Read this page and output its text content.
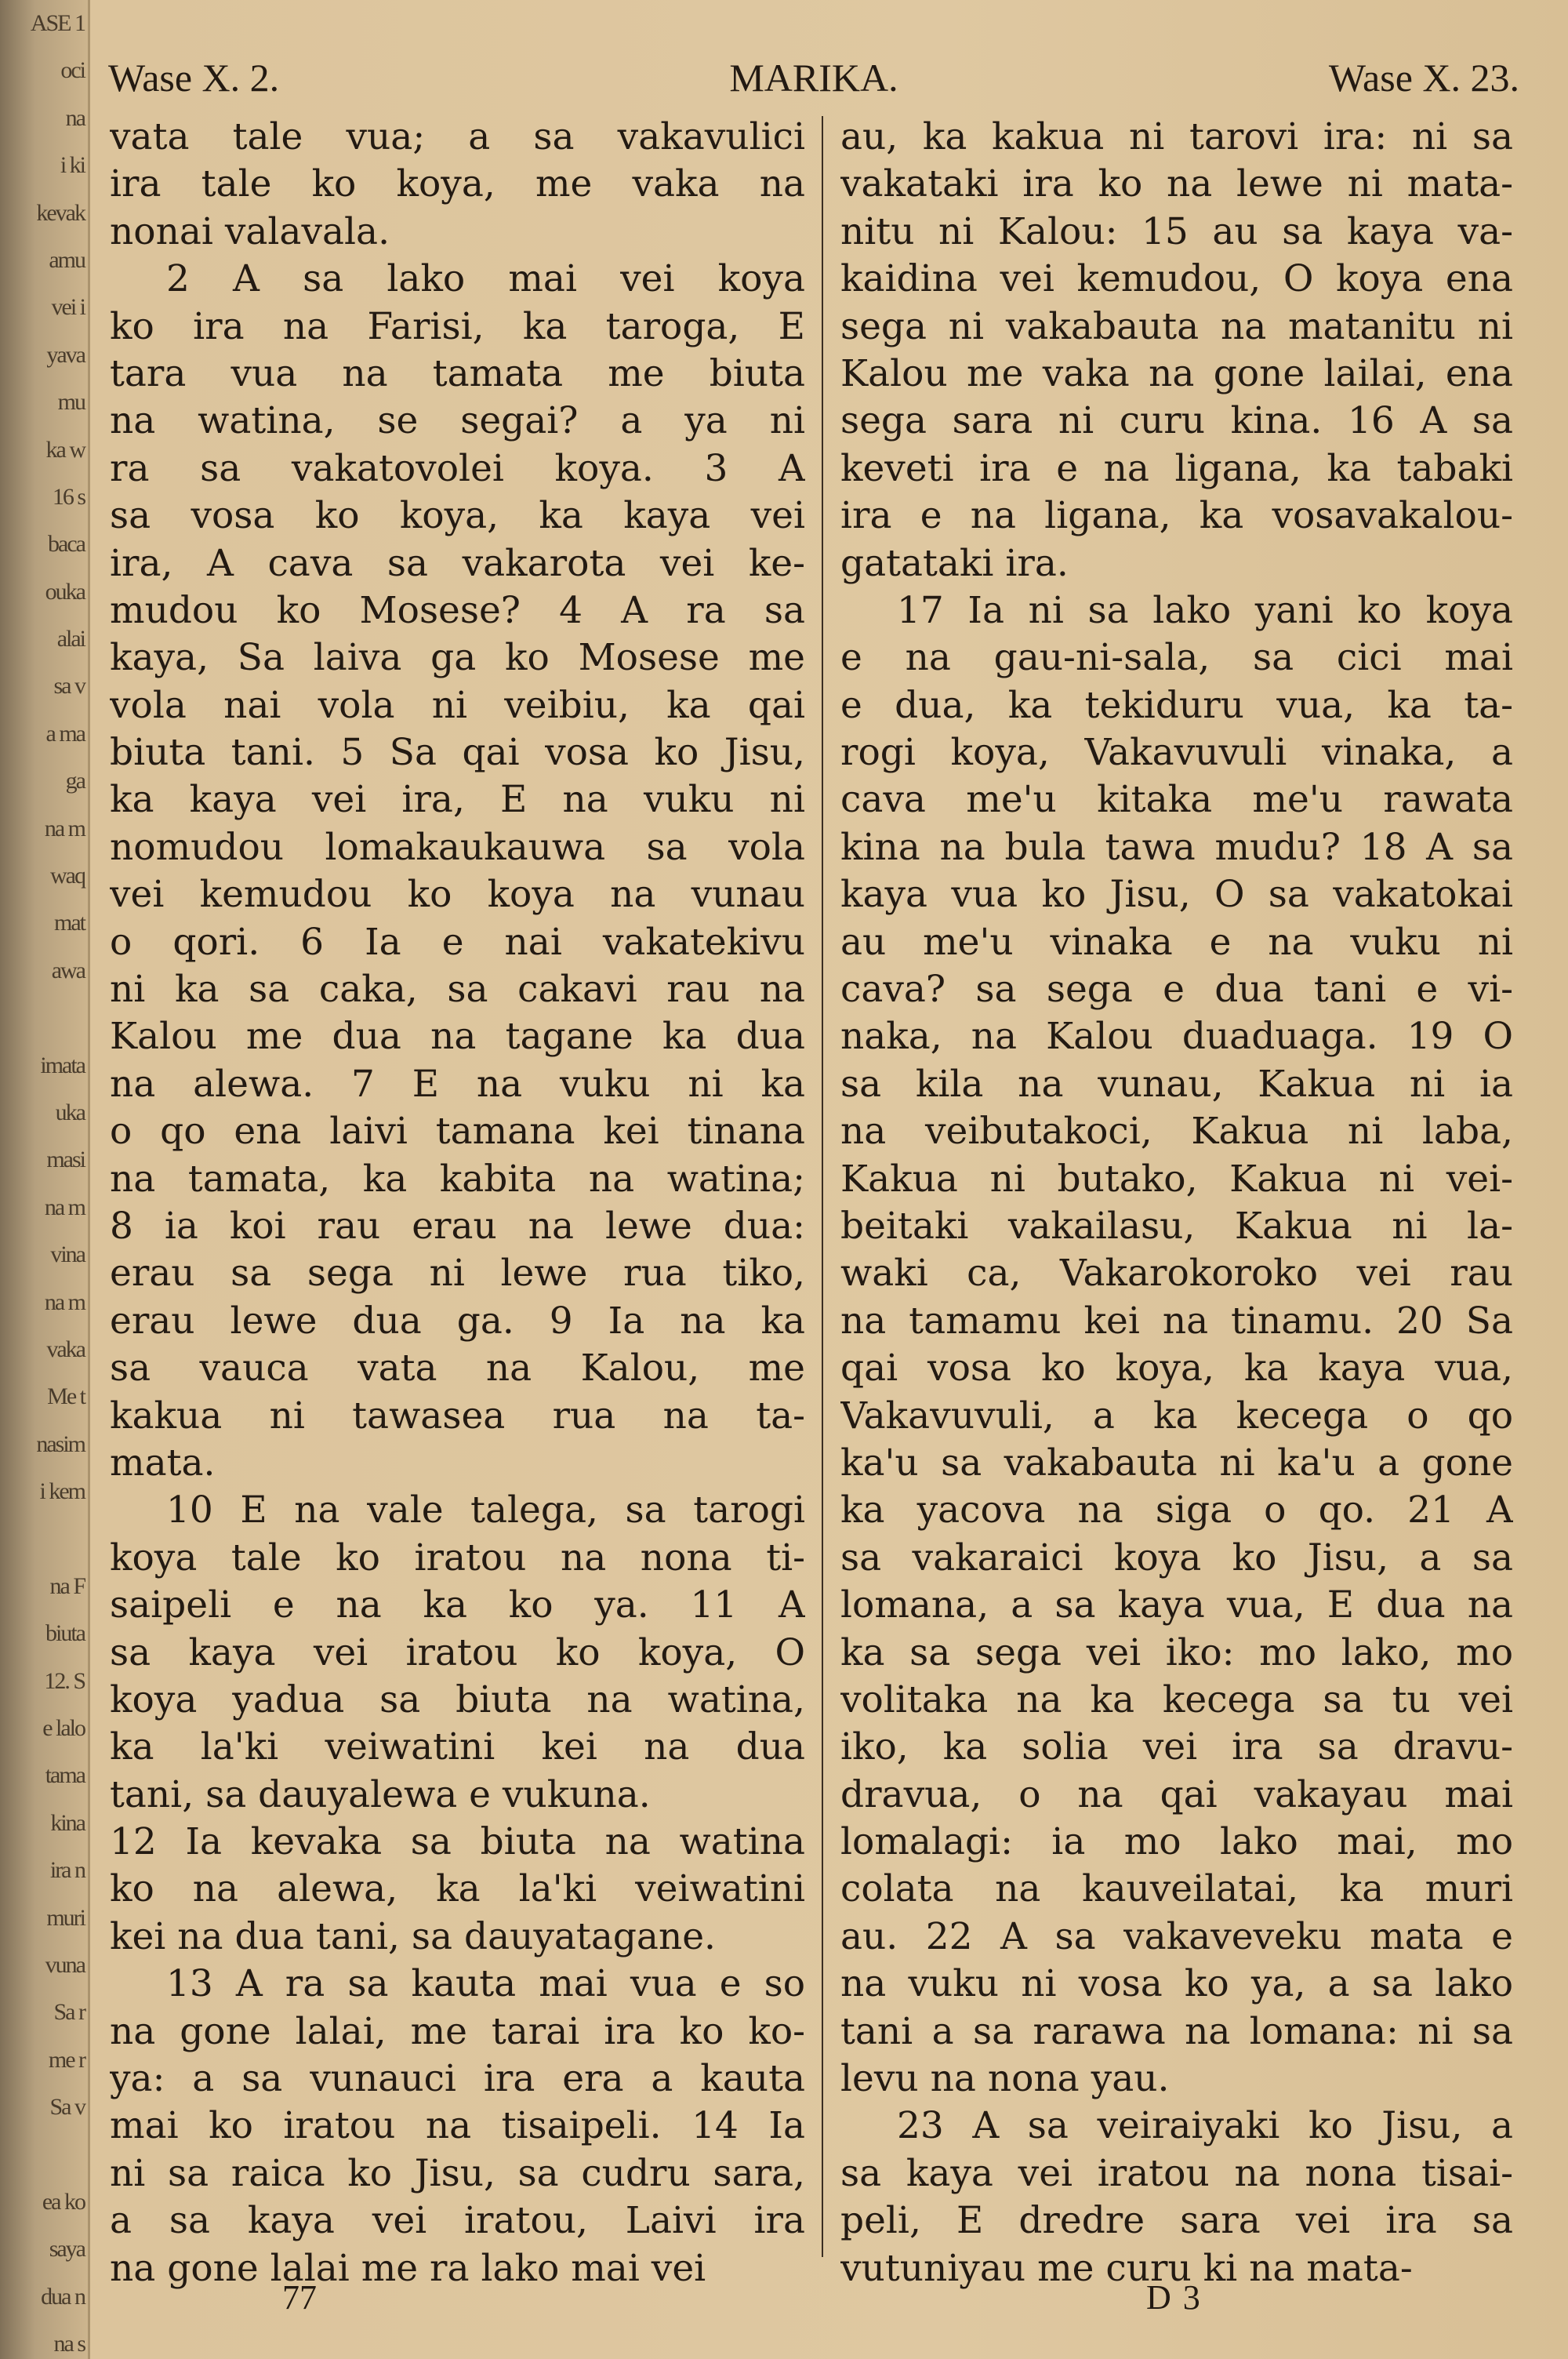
ASE 1
oci
na
i ki
kevak
amu
vei i
yava
mu
ka w
16 s
baca
ouka
alai
sa v
a ma
ga
na m
waq
mat
awa
imata
uka
masi
na m
vina
na m
vaka
Me t
nasim
i kem
na F
biuta
12. S
e lalo
tama
kina
ira n
muri
vuna
Sa r
me r
Sa v
ea ko
saya
dua n
na s
Wase X. 2.	MARIKA.	Wase X. 23.
vata tale vua; a sa vakavulici
ira tale ko koya, me vaka na
nonai valavala.
2 A sa lako mai vei koya
ko ira na Farisi, ka taroga, E
tara vua na tamata me biuta
na watina, se segai? a ya ni
ra sa vakatovolei koya. 3 A
sa vosa ko koya, ka kaya vei
ira, A cava sa vakarota vei ke-
mudou ko Mosese? 4 A ra sa
kaya, Sa laiva ga ko Mosese me
vola nai vola ni veibiu, ka qai
biuta tani. 5 Sa qai vosa ko Jisu,
ka kaya vei ira, E na vuku ni
nomudou lomakaukauwa sa vola
vei kemudou ko koya na vunau
o qori. 6 Ia e nai vakatekivu
ni ka sa caka, sa cakavi rau na
Kalou me dua na tagane ka dua
na alewa. 7 E na vuku ni ka
o qo ena laivi tamana kei tinana
na tamata, ka kabita na watina;
8 ia koi rau erau na lewe dua:
erau sa sega ni lewe rua tiko,
erau lewe dua ga. 9 Ia na ka
sa vauca vata na Kalou, me
kakua ni tawasea rua na ta-
mata.
10 E na vale talega, sa tarogi
koya tale ko iratou na nona ti-
saipeli e na ka ko ya. 11 A
sa kaya vei iratou ko koya, O
koya yadua sa biuta na watina,
ka la'ki veiwatini kei na dua
tani, sa dauyalewa e vukuna.
12 Ia kevaka sa biuta na watina
ko na alewa, ka la'ki veiwatini
kei na dua tani, sa dauyatagane.
13 A ra sa kauta mai vua e so
na gone lalai, me tarai ira ko ko-
ya: a sa vunauci ira era a kauta
mai ko iratou na tisaipeli. 14 Ia
ni sa raica ko Jisu, sa cudru sara,
a sa kaya vei iratou, Laivi ira
na gone lalai me ra lako mai vei
au, ka kakua ni tarovi ira: ni sa
vakataki ira ko na lewe ni mata-
nitu ni Kalou: 15 au sa kaya va-
kaidina vei kemudou, O koya ena
sega ni vakabauta na matanitu ni
Kalou me vaka na gone lailai, ena
sega sara ni curu kina. 16 A sa
keveti ira e na ligana, ka tabaki
ira e na ligana, ka vosavakalou-
gatataki ira.
17 Ia ni sa lako yani ko koya
e na gau-ni-sala, sa cici mai
e dua, ka tekiduru vua, ka ta-
rogi koya, Vakavuvuli vinaka, a
cava me'u kitaka me'u rawata
kina na bula tawa mudu? 18 A sa
kaya vua ko Jisu, O sa vakatokai
au me'u vinaka e na vuku ni
cava? sa sega e dua tani e vi-
naka, na Kalou duaduaga. 19 O
sa kila na vunau, Kakua ni ia
na veibutakoci, Kakua ni laba,
Kakua ni butako, Kakua ni vei-
beitaki vakailasu, Kakua ni la-
waki ca, Vakarokoroko vei rau
na tamamu kei na tinamu. 20 Sa
qai vosa ko koya, ka kaya vua,
Vakavuvuli, a ka kecega o qo
ka'u sa vakabauta ni ka'u a gone
ka yacova na siga o qo. 21 A
sa vakaraici koya ko Jisu, a sa
lomana, a sa kaya vua, E dua na
ka sa sega vei iko: mo lako, mo
volitaka na ka kecega sa tu vei
iko, ka solia vei ira sa dravu-
dravua, o na qai vakayau mai
lomalagi: ia mo lako mai, mo
colata na kauveilatai, ka muri
au. 22 A sa vakaveveku mata e
na vuku ni vosa ko ya, a sa lako
tani a sa rarawa na lomana: ni sa
levu na nona yau.
23 A sa veiraiyaki ko Jisu, a
sa kaya vei iratou na nona tisai-
peli, E dredre sara vei ira sa
vutuniyau me curu ki na mata-
77	D 3
